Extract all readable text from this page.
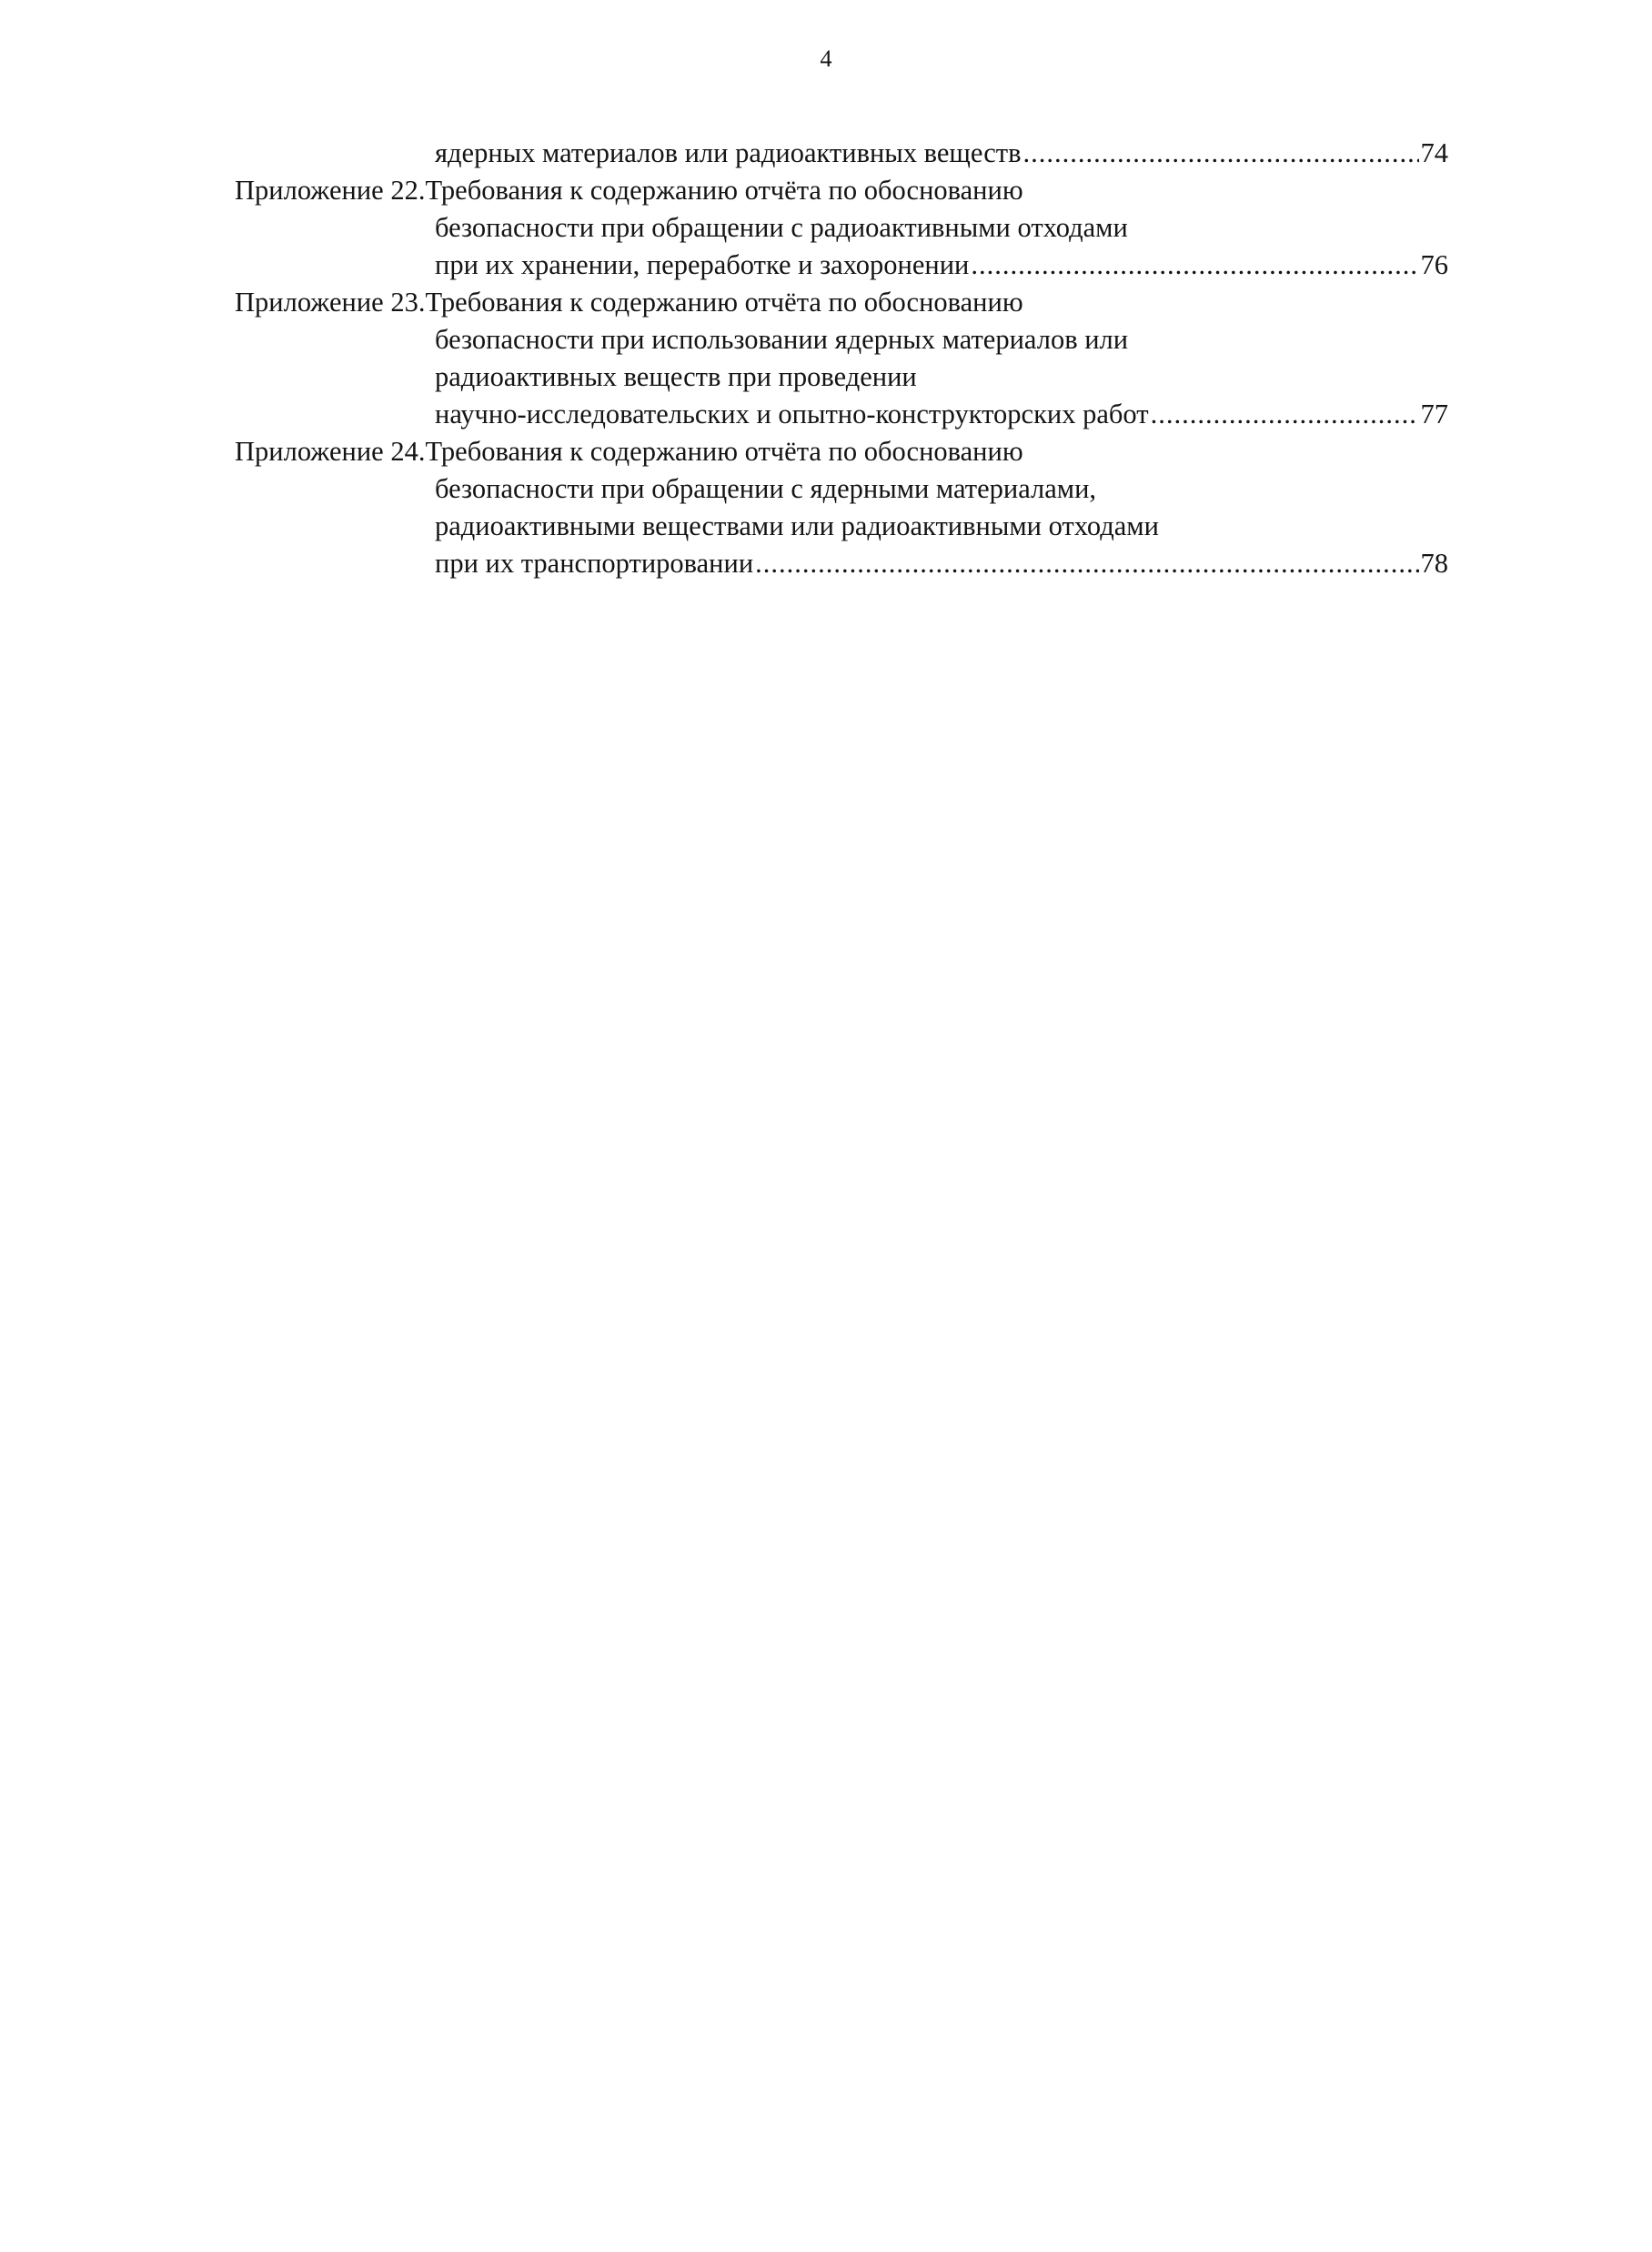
4
ядерных материалов или радиоактивных веществ .....	74
Приложение 22. Требования к содержанию отчёта по обоснованию
безопасности при обращении с радиоактивными отходами
при их хранении, переработке и захоронении .....	76
Приложение 23. Требования к содержанию отчёта по обоснованию
безопасности при использовании ядерных материалов или
радиоактивных веществ при проведении
научно-исследовательских и опытно-конструкторских работ .....	77
Приложение 24. Требования к содержанию отчёта по обоснованию
безопасности при обращении с ядерными материалами,
радиоактивными веществами или радиоактивными отходами
при их транспортировании .....	78
